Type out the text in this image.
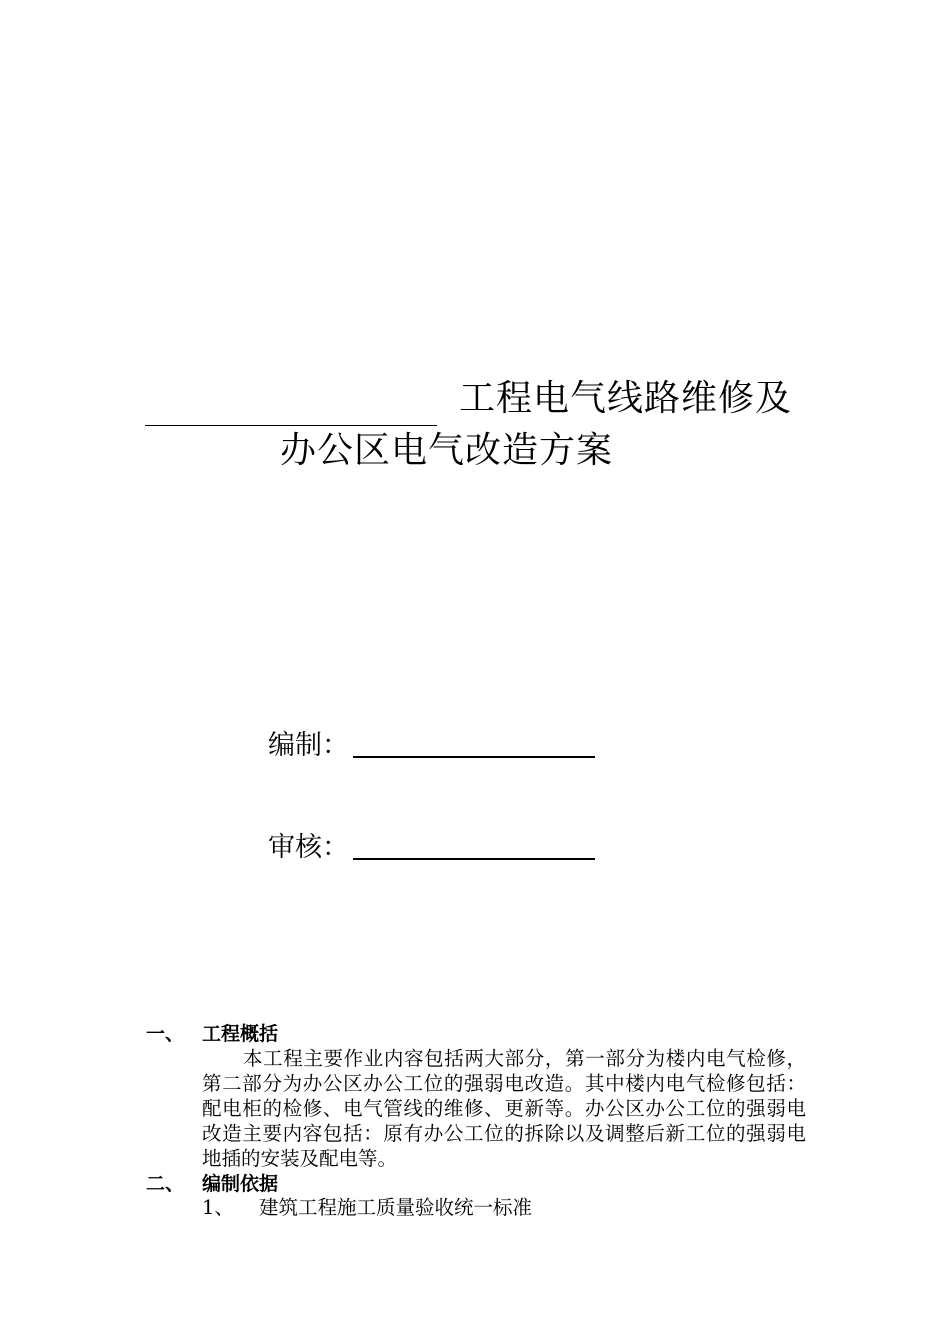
工程电气线路维修及
办公区电气改造方案
编制：
审核：
一、 工程概括
本工程主要作业内容包括两大部分，第一部分为楼内电气检修，第二部分为办公区办公工位的强弱电改造。其中楼内电气检修包括：配电柜的检修、电气管线的维修、更新等。办公区办公工位的强弱电改造主要内容包括：原有办公工位的拆除以及调整后新工位的强弱电地插的安装及配电等。
二、 编制依据
1、	建筑工程施工质量验收统一标准
